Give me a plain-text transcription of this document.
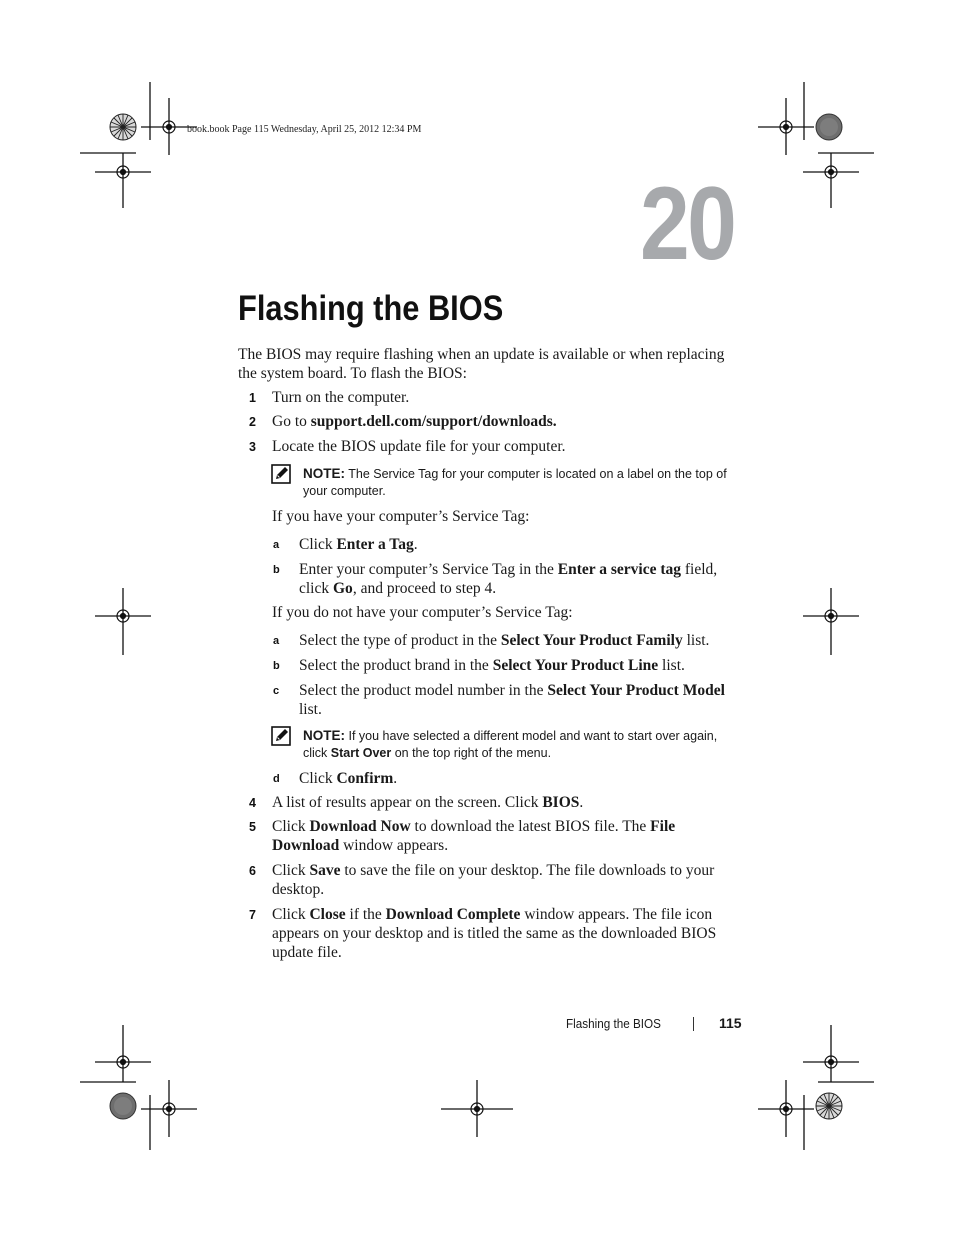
book.book Page 115 Wednesday, April 25, 2012 12:34 PM
20
Flashing the BIOS
The BIOS may require flashing when an update is available or when replacing the system board. To flash the BIOS:
1 Turn on the computer.
2 Go to support.dell.com/support/downloads.
3 Locate the BIOS update file for your computer.
NOTE: The Service Tag for your computer is located on a label on the top of your computer.
If you have your computer’s Service Tag:
a Click Enter a Tag.
b Enter your computer’s Service Tag in the Enter a service tag field, click Go, and proceed to step 4.
If you do not have your computer’s Service Tag:
a Select the type of product in the Select Your Product Family list.
b Select the product brand in the Select Your Product Line list.
c Select the product model number in the Select Your Product Model list.
NOTE: If you have selected a different model and want to start over again, click Start Over on the top right of the menu.
d Click Confirm.
4 A list of results appear on the screen. Click BIOS.
5 Click Download Now to download the latest BIOS file. The File Download window appears.
6 Click Save to save the file on your desktop. The file downloads to your desktop.
7 Click Close if the Download Complete window appears. The file icon appears on your desktop and is titled the same as the downloaded BIOS update file.
Flashing the BIOS	115
